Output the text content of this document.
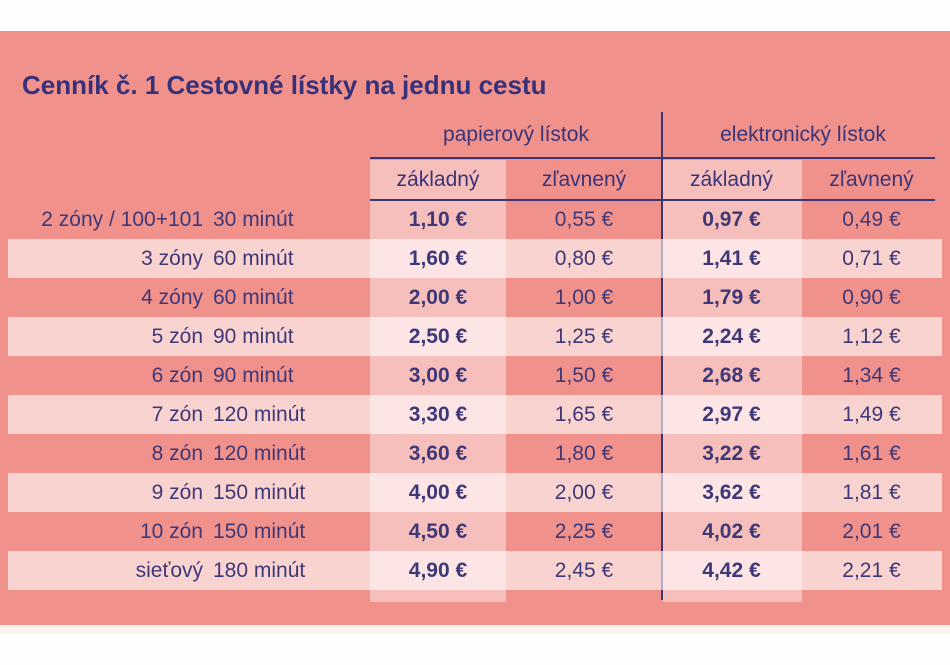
Cenník č. 1 Cestovné lístky na jednu cestu
papierový lístok	elektronický lístok
základný	zľavnený	základný	zľavnený
2 zóny / 100+101 30 minút	1,10 €	0,55 €	0,97 €	0,49 €
3 zóny 60 minút	1,60 €	0,80 €	1,41 €	0,71 €
4 zóny 60 minút	2,00 €	1,00 €	1,79 €	0,90 €
5 zón 90 minút	2,50 €	1,25 €	2,24 €	1,12 €
6 zón 90 minút	3,00 €	1,50 €	2,68 €	1,34 €
7 zón 120 minút	3,30 €	1,65 €	2,97 €	1,49 €
8 zón 120 minút	3,60 €	1,80 €	3,22 €	1,61 €
9 zón 150 minút	4,00 €	2,00 €	3,62 €	1,81 €
10 zón 150 minút	4,50 €	2,25 €	4,02 €	2,01 €
sieťový 180 minút	4,90 €	2,45 €	4,42 €	2,21 €
